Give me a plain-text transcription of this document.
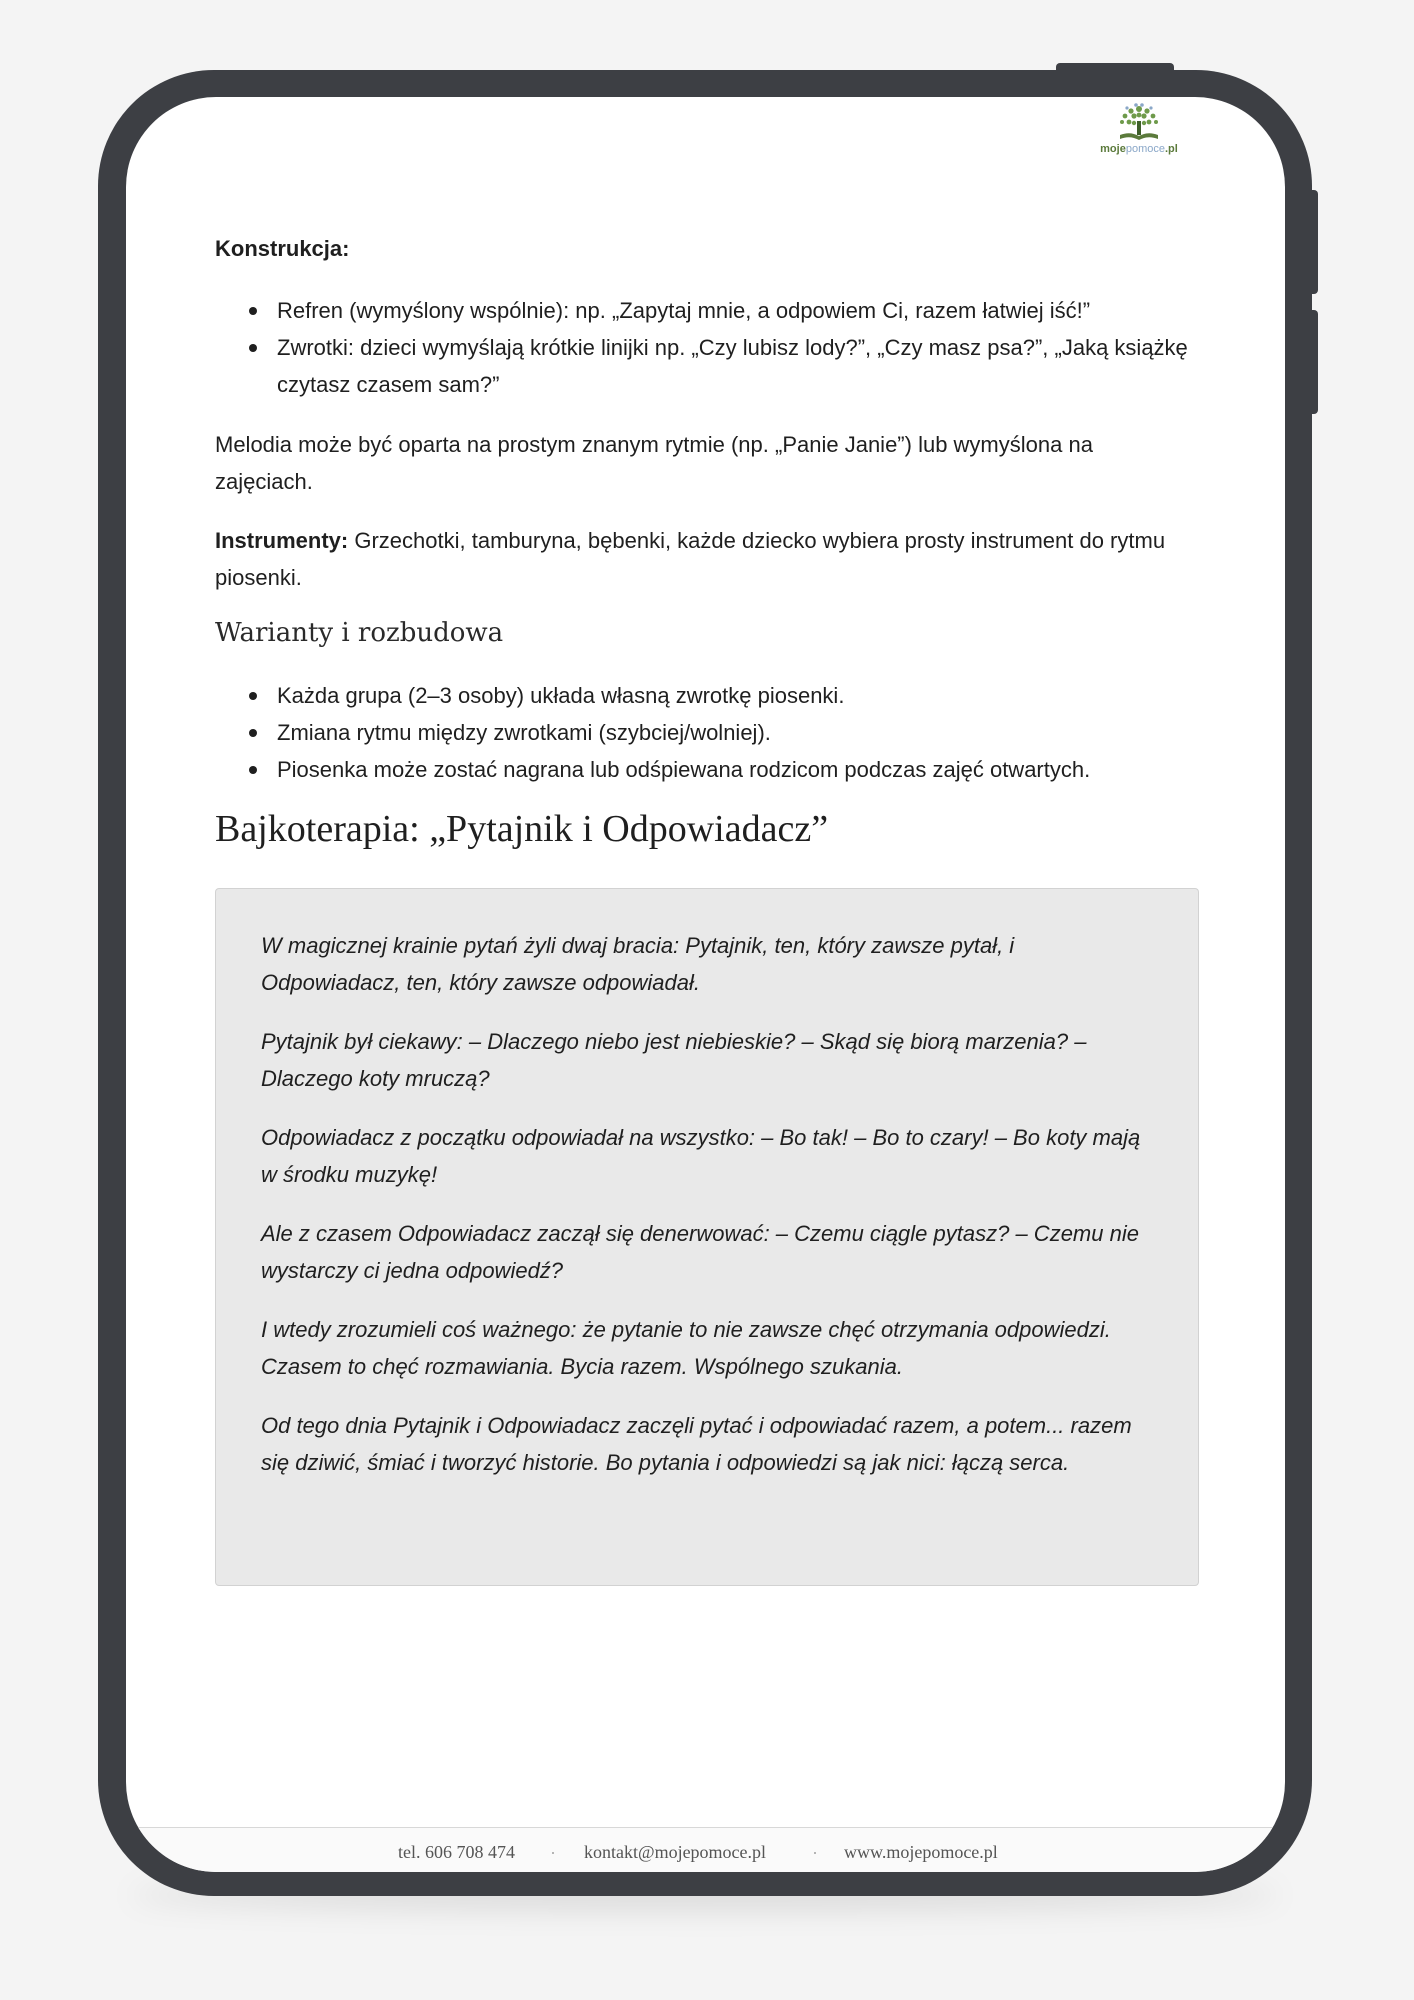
mojepomoce.pl
Konstrukcja:
Refren (wymyślony wspólnie): np. „Zapytaj mnie, a odpowiem Ci, razem łatwiej iść!”
Zwrotki: dzieci wymyślają krótkie linijki np. „Czy lubisz lody?”, „Czy masz psa?”, „Jaką książkę czytasz czasem sam?”

Melodia może być oparta na prostym znanym rytmie (np. „Panie Janie”) lub wymyślona na zajęciach.

Instrumenty: Grzechotki, tamburyna, bębenki, każde dziecko wybiera prosty instrument do rytmu piosenki.

Warianty i rozbudowa
Każda grupa (2–3 osoby) układa własną zwrotkę piosenki.
Zmiana rytmu między zwrotkami (szybciej/wolniej).
Piosenka może zostać nagrana lub odśpiewana rodzicom podczas zajęć otwartych.
Bajkoterapia: „Pytajnik i Odpowiadacz”

W magicznej krainie pytań żyli dwaj bracia: Pytajnik, ten, który zawsze pytał, i Odpowiadacz, ten, który zawsze odpowiadał.

Pytajnik był ciekawy: – Dlaczego niebo jest niebieskie? – Skąd się biorą marzenia? – Dlaczego koty mruczą?

Odpowiadacz z początku odpowiadał na wszystko: – Bo tak! – Bo to czary! – Bo koty mają w środku muzykę!

Ale z czasem Odpowiadacz zaczął się denerwować: – Czemu ciągle pytasz? – Czemu nie wystarczy ci jedna odpowiedź?

I wtedy zrozumieli coś ważnego: że pytanie to nie zawsze chęć otrzymania odpowiedzi. Czasem to chęć rozmawiania. Bycia razem. Wspólnego szukania.

Od tego dnia Pytajnik i Odpowiadacz zaczęli pytać i odpowiadać razem, a potem... razem się dziwić, śmiać i tworzyć historie. Bo pytania i odpowiedzi są jak nici: łączą serca.

tel. 606 708 474 · kontakt@mojepomoce.pl	· www.mojepomoce.pl
